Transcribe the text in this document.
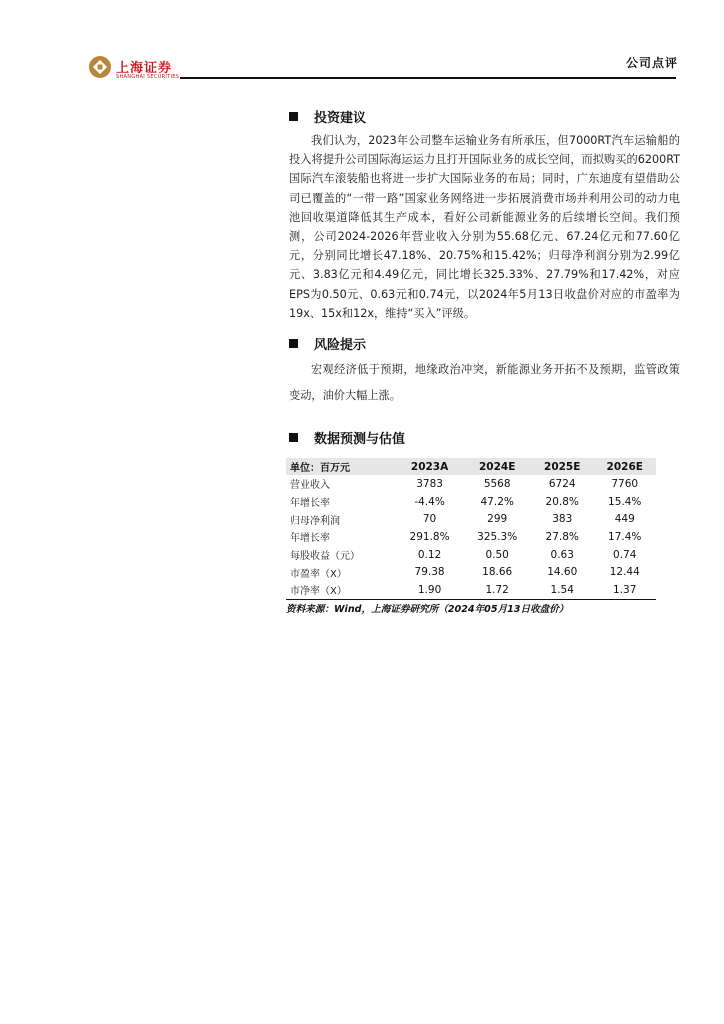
上海证券
SHANGHAI SECURITIES
公司点评
投资建议
我们认为，2023年公司整车运输业务有所承压，但7000RT汽车运输船的投入将提升公司国际海运运力且打开国际业务的成长空间，而拟购买的6200RT国际汽车滚装船也将进一步扩大国际业务的布局；同时，广东迪度有望借助公司已覆盖的“一带一路”国家业务网络进一步拓展消费市场并利用公司的动力电池回收渠道降低其生产成本，看好公司新能源业务的后续增长空间。我们预测，公司2024-2026年营业收入分别为55.68亿元、67.24亿元和77.60亿元，分别同比增长47.18%、20.75%和15.42%；归母净利润分别为2.99亿元、3.83亿元和4.49亿元，同比增长325.33%、27.79%和17.42%，对应EPS为0.50元、0.63元和0.74元，以2024年5月13日收盘价对应的市盈率为19x、15x和12x，维持“买入”评级。
风险提示
宏观经济低于预期，地缘政治冲突，新能源业务开拓不及预期，监管政策变动，油价大幅上涨。
数据预测与估值
单位：百万元	2023A	2024E	2025E	2026E
营业收入	3783	5568	6724	7760
年增长率	-4.4%	47.2%	20.8%	15.4%
归母净利润	70	299	383	449
年增长率	291.8%	325.3%	27.8%	17.4%
每股收益（元）	0.12	0.50	0.63	0.74
市盈率（X）	79.38	18.66	14.60	12.44
市净率（X）	1.90	1.72	1.54	1.37
资料来源：Wind，上海证券研究所（2024年05月13日收盘价）
